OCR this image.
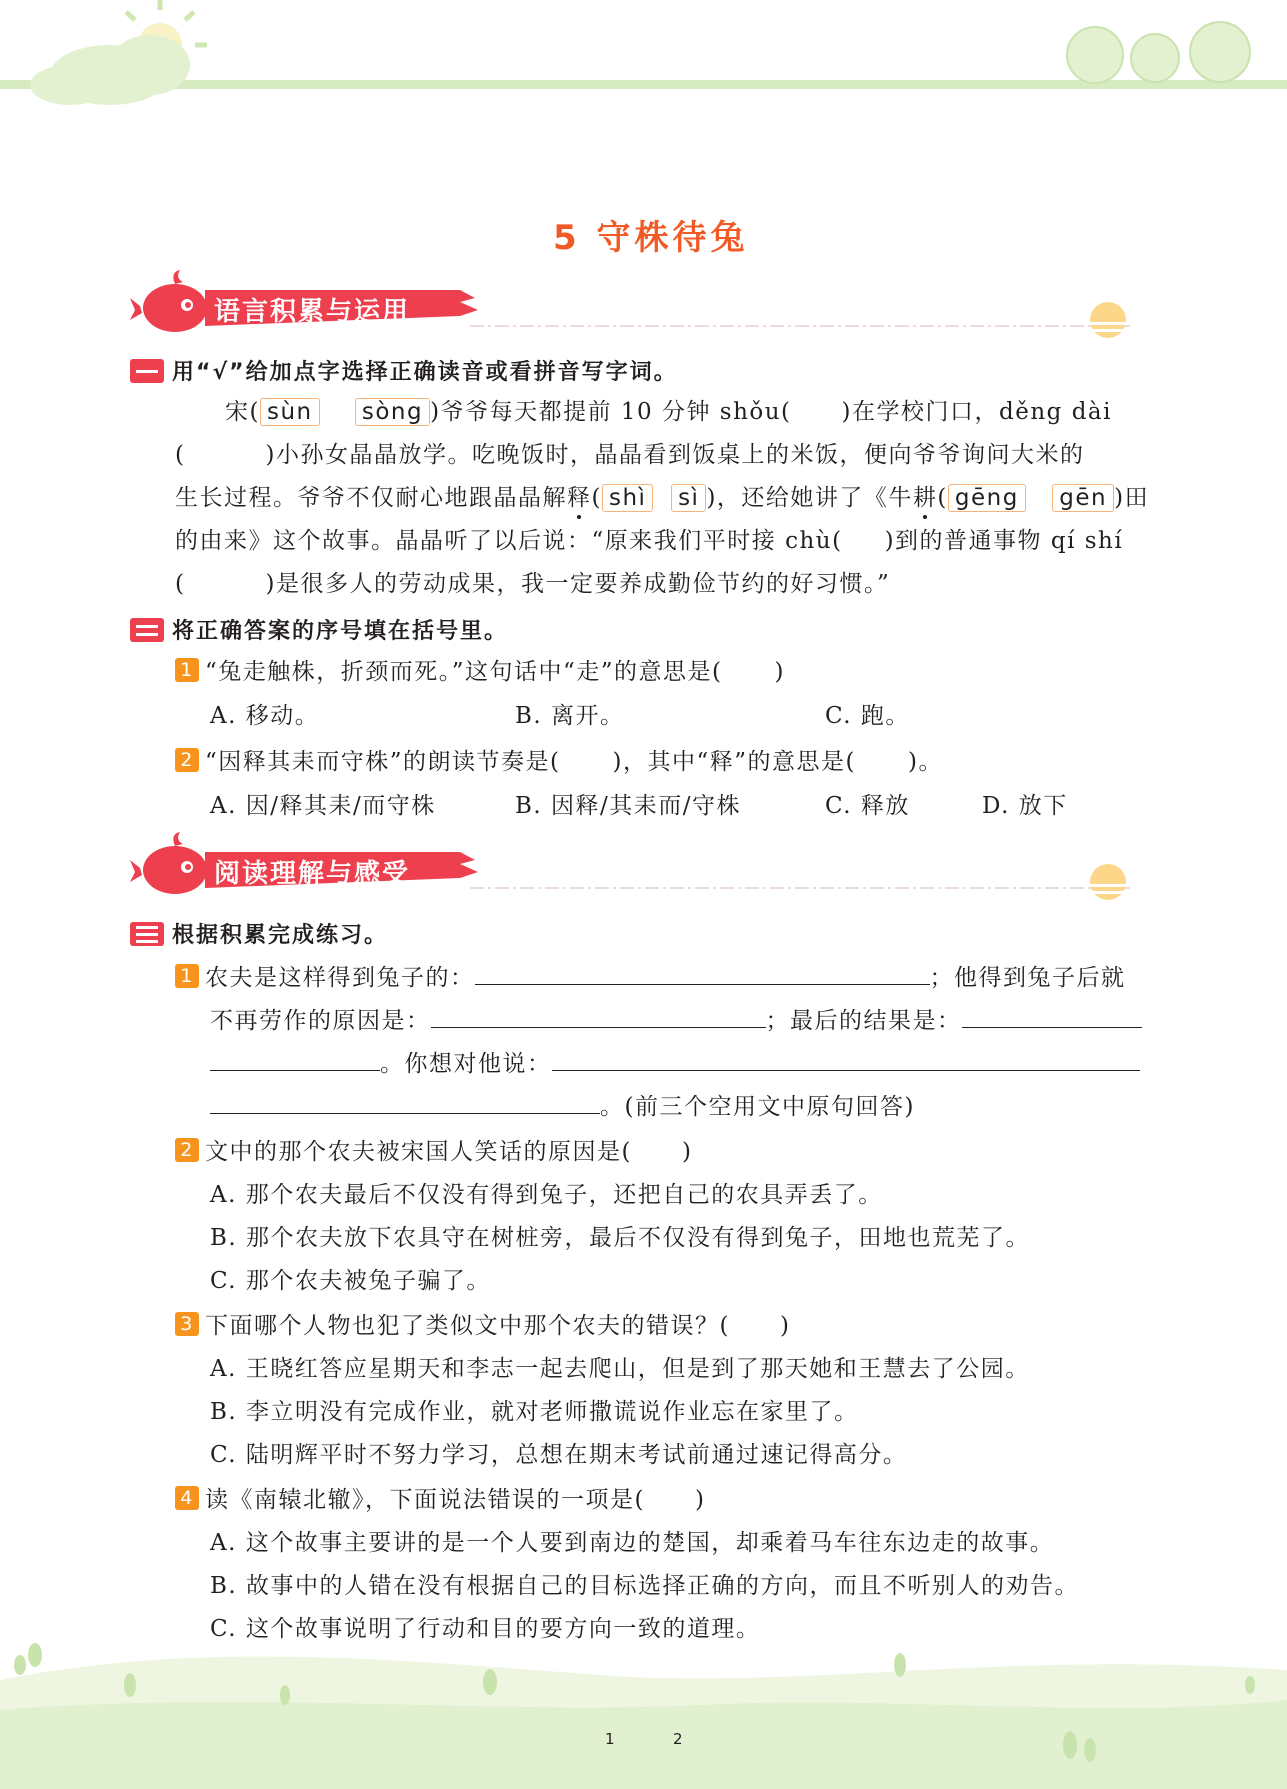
5 守株待兔
语言积累与运用
用“√”给加点字选择正确读音或看拼音写字词。
宋( sùn sòng )爷爷每天都提前 10 分钟 shǒu( )在学校门口，děng dài
(	)小孙女晶晶放学。吃晚饭时，晶晶看到饭桌上的米饭，便向爷爷询问大米的
生长过程。爷爷不仅耐心地跟晶晶解释( shì sì )，还给她讲了《牛耕( gēng gēn )田
的由来》这个故事。晶晶听了以后说：“原来我们平时接 chù( )到的普通事物 qí shí
(	)是很多人的劳动成果，我一定要养成勤俭节约的好习惯。”
将正确答案的序号填在括号里。
1 “兔走触株，折颈而死。”这句话中“走”的意思是( )
A. 移动。	B. 离开。	C. 跑。
2 “因释其耒而守株”的朗读节奏是( )，其中“释”的意思是( )。
A. 因/释其耒/而守株	B. 因释/其耒而/守株	C. 释放	D. 放下
阅读理解与感受
根据积累完成练习。
1 农夫是这样得到兔子的：	；他得到兔子后就
不再劳作的原因是：	；最后的结果是：
。你想对他说：
。(前三个空用文中原句回答)
2 文中的那个农夫被宋国人笑话的原因是( )
A. 那个农夫最后不仅没有得到兔子，还把自己的农具弄丢了。
B. 那个农夫放下农具守在树桩旁，最后不仅没有得到兔子，田地也荒芜了。
C. 那个农夫被兔子骗了。
3 下面哪个人物也犯了类似文中那个农夫的错误？( )
A. 王晓红答应星期天和李志一起去爬山，但是到了那天她和王慧去了公园。
B. 李立明没有完成作业，就对老师撒谎说作业忘在家里了。
C. 陆明辉平时不努力学习，总想在期末考试前通过速记得高分。
4 读《南辕北辙》，下面说法错误的一项是( )
A. 这个故事主要讲的是一个人要到南边的楚国，却乘着马车往东边走的故事。
B. 故事中的人错在没有根据自己的目标选择正确的方向，而且不听别人的劝告。
C. 这个故事说明了行动和目的要方向一致的道理。
1	2
